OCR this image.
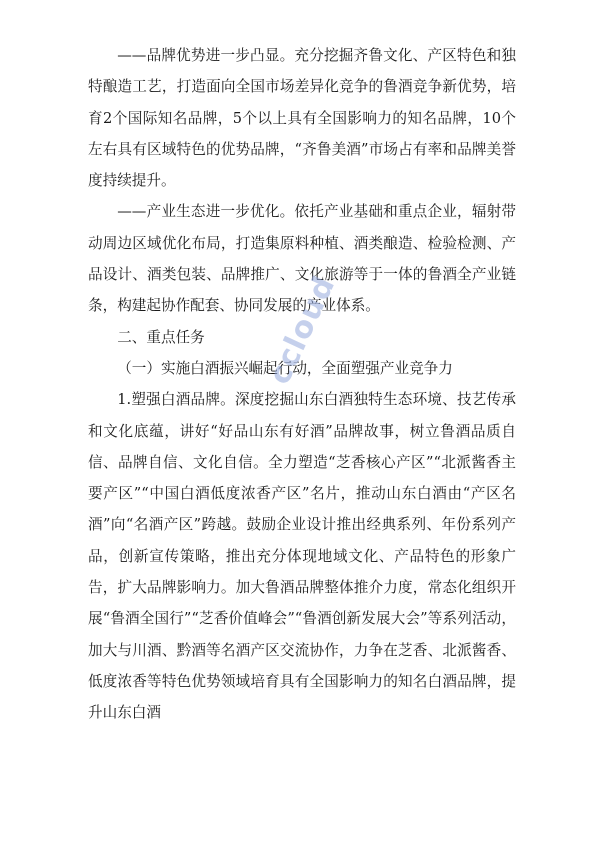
——品牌优势进一步凸显。充分挖掘齐鲁文化、产区特色和独特酿造工艺，打造面向全国市场差异化竞争的鲁酒竞争新优势，培育2个国际知名品牌，5个以上具有全国影响力的知名品牌，10个左右具有区域特色的优势品牌，“齐鲁美酒”市场占有率和品牌美誉度持续提升。

——产业生态进一步优化。依托产业基础和重点企业，辐射带动周边区域优化布局，打造集原料种植、酒类酿造、检验检测、产品设计、酒类包装、品牌推广、文化旅游等于一体的鲁酒全产业链条，构建起协作配套、协同发展的产业体系。

二、重点任务

（一）实施白酒振兴崛起行动，全面塑强产业竞争力

1.塑强白酒品牌。深度挖掘山东白酒独特生态环境、技艺传承和文化底蕴，讲好“好品山东有好酒”品牌故事，树立鲁酒品质自信、品牌自信、文化自信。全力塑造“芝香核心产区”“北派酱香主要产区”“中国白酒低度浓香产区”名片，推动山东白酒由“产区名酒”向“名酒产区”跨越。鼓励企业设计推出经典系列、年份系列产品，创新宣传策略，推出充分体现地域文化、产品特色的形象广告，扩大品牌影响力。加大鲁酒品牌整体推介力度，常态化组织开展“鲁酒全国行”“芝香价值峰会”“鲁酒创新发展大会”等系列活动，加大与川酒、黔酒等名酒产区交流协作，力争在芝香、北派酱香、低度浓香等特色优势领域培育具有全国影响力的知名白酒品牌，提升山东白酒

ccloud
